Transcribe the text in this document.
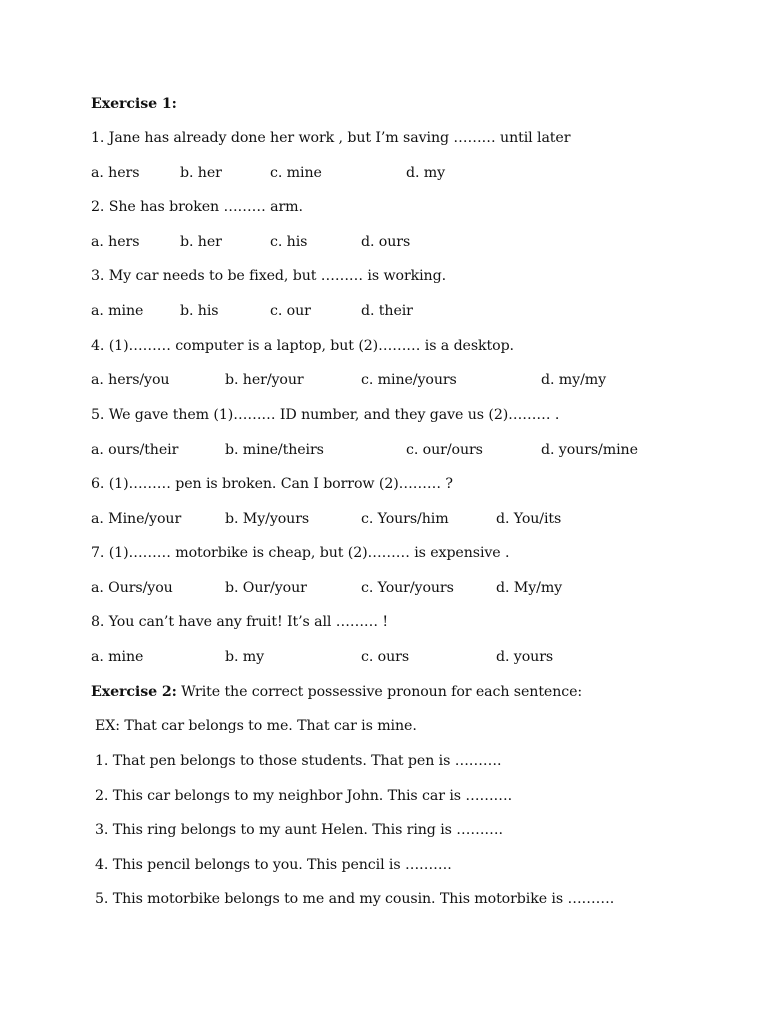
Exercise 1:
1. Jane has already done her work , but I’m saving ……… until later
a. hers	b. her	c. mine	d. my
2. She has broken ……… arm.
a. hers	b. her	c. his	d. ours
3. My car needs to be fixed, but ……… is working.
a. mine	b. his	c. our	d. their
4. (1)……… computer is a laptop, but (2)……… is a desktop.
a. hers/you	b. her/your	c. mine/yours	d. my/my
5. We gave them (1)……… ID number, and they gave us (2)……… .
a. ours/their	b. mine/theirs	c. our/ours	d. yours/mine
6. (1)……… pen is broken. Can I borrow (2)……… ?
a. Mine/your	b. My/yours	c. Yours/him	d. You/its
7. (1)……… motorbike is cheap, but (2)……… is expensive .
a. Ours/you	b. Our/your	c. Your/yours	d. My/my
8. You can’t have any fruit! It’s all ……… !
a. mine	b. my	c. ours	d. yours
Exercise 2: Write the correct possessive pronoun for each sentence:
EX: That car belongs to me. That car is mine.
1. That pen belongs to those students. That pen is ……….
2. This car belongs to my neighbor John. This car is ……….
3. This ring belongs to my aunt Helen. This ring is ……….
4. This pencil belongs to you. This pencil is ……….
5. This motorbike belongs to me and my cousin. This motorbike is ……….
